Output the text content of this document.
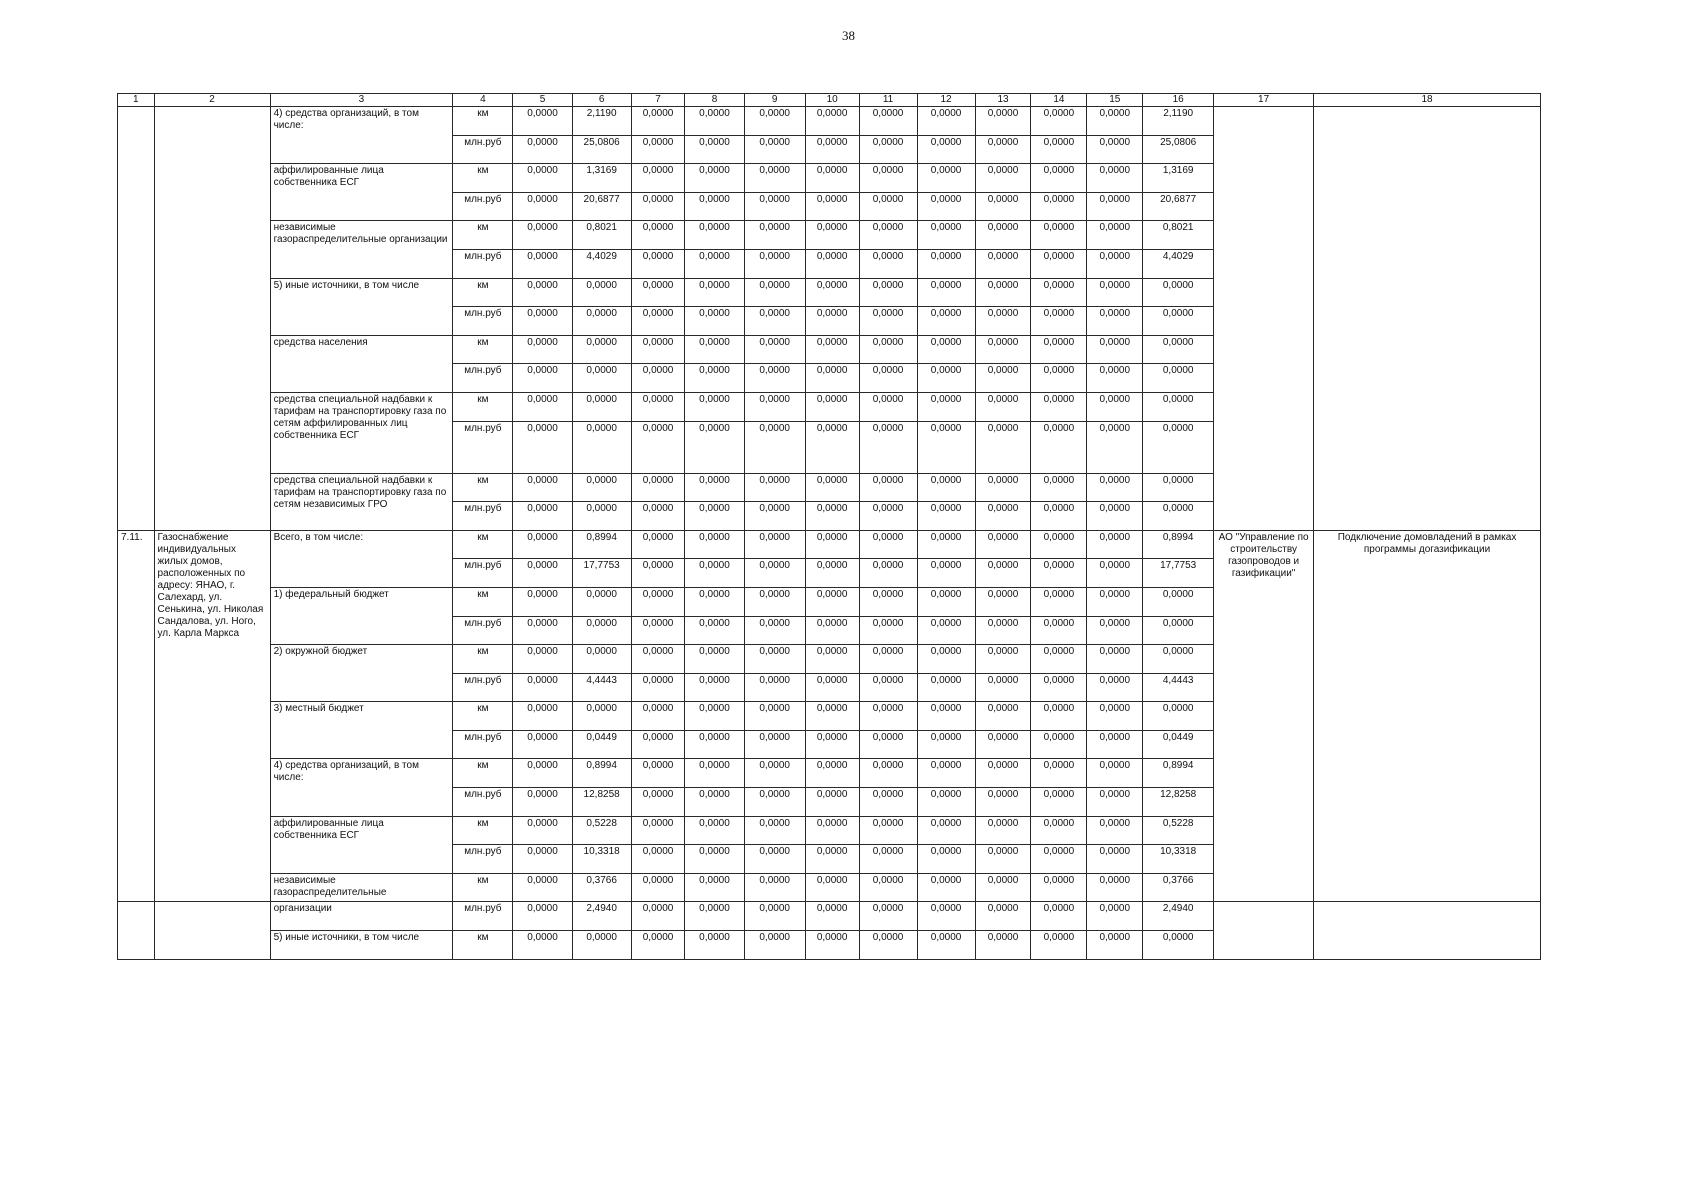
38
1	2	3	4	5	6	7	8	9	10	11	12	13	14	15	16	17	18
		4) средства организаций, в том числе:	км	0,0000	2,1190	0,0000	0,0000	0,0000	0,0000	0,0000	0,0000	0,0000	0,0000	0,0000	2,1190		
			млн.руб	0,0000	25,0806	0,0000	0,0000	0,0000	0,0000	0,0000	0,0000	0,0000	0,0000	0,0000	25,0806		
		аффилированные лица собственника ЕСГ	км	0,0000	1,3169	0,0000	0,0000	0,0000	0,0000	0,0000	0,0000	0,0000	0,0000	0,0000	1,3169		
			млн.руб	0,0000	20,6877	0,0000	0,0000	0,0000	0,0000	0,0000	0,0000	0,0000	0,0000	0,0000	20,6877		
		независимые газораспределительные организации	км	0,0000	0,8021	0,0000	0,0000	0,0000	0,0000	0,0000	0,0000	0,0000	0,0000	0,0000	0,8021		
			млн.руб	0,0000	4,4029	0,0000	0,0000	0,0000	0,0000	0,0000	0,0000	0,0000	0,0000	0,0000	4,4029		
		5) иные источники, в том числе	км	0,0000	0,0000	0,0000	0,0000	0,0000	0,0000	0,0000	0,0000	0,0000	0,0000	0,0000	0,0000		
			млн.руб	0,0000	0,0000	0,0000	0,0000	0,0000	0,0000	0,0000	0,0000	0,0000	0,0000	0,0000	0,0000		
		средства населения	км	0,0000	0,0000	0,0000	0,0000	0,0000	0,0000	0,0000	0,0000	0,0000	0,0000	0,0000	0,0000		
			млн.руб	0,0000	0,0000	0,0000	0,0000	0,0000	0,0000	0,0000	0,0000	0,0000	0,0000	0,0000	0,0000		
		средства специальной надбавки к тарифам на транспортировку газа по сетям аффилированных лиц собственника ЕСГ	км	0,0000	0,0000	0,0000	0,0000	0,0000	0,0000	0,0000	0,0000	0,0000	0,0000	0,0000	0,0000		
			млн.руб	0,0000	0,0000	0,0000	0,0000	0,0000	0,0000	0,0000	0,0000	0,0000	0,0000	0,0000	0,0000		
		средства специальной надбавки к тарифам на транспортировку газа по сетям независимых ГРО	км	0,0000	0,0000	0,0000	0,0000	0,0000	0,0000	0,0000	0,0000	0,0000	0,0000	0,0000	0,0000		
			млн.руб	0,0000	0,0000	0,0000	0,0000	0,0000	0,0000	0,0000	0,0000	0,0000	0,0000	0,0000	0,0000		
7.11.	Газоснабжение индивидуальных жилых домов, расположенных по адресу: ЯНАО, г. Салехард, ул. Сенькина, ул. Николая Сандалова, ул. Ного, ул. Карла Маркса	Всего, в том числе:	км	0,0000	0,8994	0,0000	0,0000	0,0000	0,0000	0,0000	0,0000	0,0000	0,0000	0,0000	0,8994	АО "Управление по строительству газопроводов и газификации"	Подключение домовладений в рамках программы догазификации
			млн.руб	0,0000	17,7753	0,0000	0,0000	0,0000	0,0000	0,0000	0,0000	0,0000	0,0000	0,0000	17,7753		
		1) федеральный бюджет	км	0,0000	0,0000	0,0000	0,0000	0,0000	0,0000	0,0000	0,0000	0,0000	0,0000	0,0000	0,0000		
			млн.руб	0,0000	0,0000	0,0000	0,0000	0,0000	0,0000	0,0000	0,0000	0,0000	0,0000	0,0000	0,0000		
		2) окружной бюджет	км	0,0000	0,0000	0,0000	0,0000	0,0000	0,0000	0,0000	0,0000	0,0000	0,0000	0,0000	0,0000		
			млн.руб	0,0000	4,4443	0,0000	0,0000	0,0000	0,0000	0,0000	0,0000	0,0000	0,0000	0,0000	4,4443		
		3) местный бюджет	км	0,0000	0,0000	0,0000	0,0000	0,0000	0,0000	0,0000	0,0000	0,0000	0,0000	0,0000	0,0000		
			млн.руб	0,0000	0,0449	0,0000	0,0000	0,0000	0,0000	0,0000	0,0000	0,0000	0,0000	0,0000	0,0449		
		4) средства организаций, в том числе:	км	0,0000	0,8994	0,0000	0,0000	0,0000	0,0000	0,0000	0,0000	0,0000	0,0000	0,0000	0,8994		
			млн.руб	0,0000	12,8258	0,0000	0,0000	0,0000	0,0000	0,0000	0,0000	0,0000	0,0000	0,0000	12,8258		
		аффилированные лица собственника ЕСГ	км	0,0000	0,5228	0,0000	0,0000	0,0000	0,0000	0,0000	0,0000	0,0000	0,0000	0,0000	0,5228		
			млн.руб	0,0000	10,3318	0,0000	0,0000	0,0000	0,0000	0,0000	0,0000	0,0000	0,0000	0,0000	10,3318		
		независимые газораспределительные	км	0,0000	0,3766	0,0000	0,0000	0,0000	0,0000	0,0000	0,0000	0,0000	0,0000	0,0000	0,3766		
		организации	млн.руб	0,0000	2,4940	0,0000	0,0000	0,0000	0,0000	0,0000	0,0000	0,0000	0,0000	0,0000	2,4940		
		5) иные источники, в том числе	км	0,0000	0,0000	0,0000	0,0000	0,0000	0,0000	0,0000	0,0000	0,0000	0,0000	0,0000	0,0000		
